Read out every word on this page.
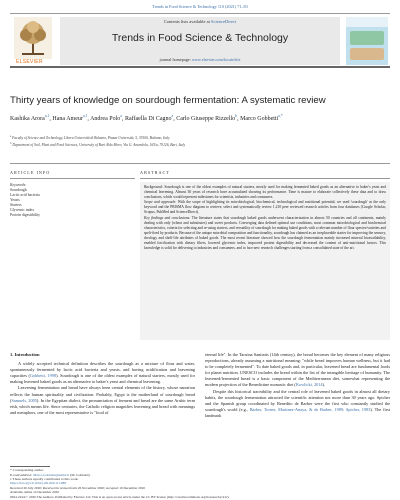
Trends in Food Science & Technology 110 (2021) 71–83
ELSEVIER
Contents lists available at ScienceDirect
Trends in Food Science & Technology
journal homepage: www.elsevier.com/locate/tifs
Thirty years of knowledge on sourdough fermentation: A systematic review
Kashika Arora$^{a,1}$, Hana Ameur$^{a,1}$, Andrea Polo$^a$, Raffaella Di Cagno$^a$, Carlo Giuseppe Rizzello$^b$, Marco Gobbetti$^{a,*}$
$^a$ Faculty of Science and Technology, Libera Università di Bolzano, Piazza Università, 5, 39100, Bolzano, Italy
$^b$ Department of Soil, Plant and Food Sciences, University of Bari Aldo Moro, Via G. Amendola, 165/a, 70126, Bari, Italy
ARTICLE INFO	ABSTRACT
Keywords:
Sourdough
Lactic acid bacteria
Yeasts
Starters
Glycemic index
Protein digestibility

Background: Sourdough is one of the oldest examples of natural starters, mostly used for making fermented baked goods as an alternative to baker's yeast and chemical leavening. Almost 30 years of research have accumulated showing its performance. Time is mature to elaborate collectively these data and to draw conclusions, which would represent milestones for scientists, industries and consumers.

Scope and approach: With the scope of highlighting its microbiological, biochemical, technological and nutritional potential, we used 'sourdough' as the only keyword and the PRISMA flow diagram to retrieve, select and systematically review 1,210 peer reviewed research articles from four databases (Google Scholar, Scopus, PubMed and ScienceDirect).

Key findings and conclusions: The literature states that sourdough baked goods underwent characterization in almost 50 countries and all continents, mainly dealing with only (wheat and substitutes) and sweet products. Converging data defined optimal use conditions, most common microbiological and biochemical characteristics, criteria for selecting and re-using starters, and versatility of sourdough for making baked goods with a relevant number of flour species/varieties and spelt-fired by products. Because of the unique microbial composition and functionality, sourdough has claimed as an irreplaceable starter for improving the sensory, rheology and shelf-life attributes of baked goods. The most recent literature showed how the sourdough fermentation mainly increased mineral bioavailability, enabled fortification with dietary fibers, lowered glycemic index, improved protein digestibility and decreased the content of anti-nutritional factors. This knowledge is solid for delivering to industries and consumers, and to face new research challenges starting from a consolidated state of the art.

1. Introduction

A widely accepted technical definition describes the sourdough as a mixture of flour and water, spontaneously fermented by lactic acid bacteria and yeasts, and having acidification and leavening capacities (Gobbetti, 1998). Sourdough is one of the oldest examples of natural starters, mostly used for making leavened baked goods as an alternative to baker's yeast and chemical leavening.

Leavening fermentation and bread have always been central elements of the history, whose narration reflects the human spirituality and civilization. Probably, Egypt is the motherland of sourdough bread (Samuels, 2005). In the Egyptian dialect, the pronunciation of ferment and bread are the same Arabic term eish, which means life. Since centuries, the Catholic religion magnifies leavening and bread with meanings and metaphors, one of the most representative is "food of

eternal life". In the Tacuina Sanitatis (14th century), the bread becomes the key element of many religious reproductions, already assuming a nutritional meaning: "while bread improves human wellness, but it had to be completely fermented". To date baked goods and, in particular, leavened bread are fundamental foods for planet nutrition. UNESCO includes the bread within the list of the intangible heritage of humanity. The leavened/fermented bread is a basic component of the Mediterranean diet, somewhat representing the modern projection of the Benedictine monastic diet (Kowlicki, 2014).

Despite this historical traceability and the central role of leavened baked goods in almost all dietary habits, the sourdough fermentation attracted the scientific attention not more than 30 years ago. Spicher and the Spanish group coordinated by Benedito de Barber were the first who constantly studied the sourdough's world (e.g., Barber, Torner, Martinez-Anaya, & de Barber, 1989; Spicher, 1983). The first landmark

* Corresponding author.
E-mail address: Marco.Gobbetti@unibz.it (M. Gobbetti).
1 These authors equally contributed to this work.
https://doi.org/10.1016/j.tifs.2021.01.088
Received 26 July 2020; Received in revised form 26 November 2020; Accepted 10 December 2020
Available online 14 December 2020
0924-2244/© 2020 The Authors. Published by Elsevier Ltd. This is an open access article under the CC BY license (http://creativecommons.org/licenses/by/4.0/).
